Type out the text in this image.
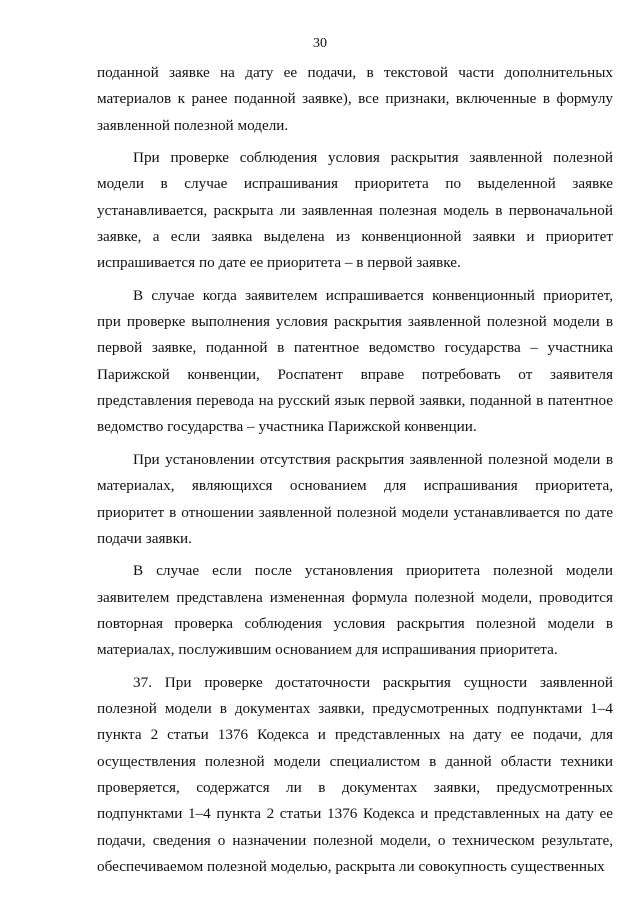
30

поданной заявке на дату ее подачи, в текстовой части дополнительных материалов к ранее поданной заявке), все признаки, включенные в формулу заявленной полезной модели.

При проверке соблюдения условия раскрытия заявленной полезной модели в случае испрашивания приоритета по выделенной заявке устанавливается, раскрыта ли заявленная полезная модель в первоначальной заявке, а если заявка выделена из конвенционной заявки и приоритет испрашивается по дате ее приоритета – в первой заявке.

В случае когда заявителем испрашивается конвенционный приоритет, при проверке выполнения условия раскрытия заявленной полезной модели в первой заявке, поданной в патентное ведомство государства – участника Парижской конвенции, Роспатент вправе потребовать от заявителя представления перевода на русский язык первой заявки, поданной в патентное ведомство государства – участника Парижской конвенции.

При установлении отсутствия раскрытия заявленной полезной модели в материалах, являющихся основанием для испрашивания приоритета, приоритет в отношении заявленной полезной модели устанавливается по дате подачи заявки.

В случае если после установления приоритета полезной модели заявителем представлена измененная формула полезной модели, проводится повторная проверка соблюдения условия раскрытия полезной модели в материалах, послужившим основанием для испрашивания приоритета.

37. При проверке достаточности раскрытия сущности заявленной полезной модели в документах заявки, предусмотренных подпунктами 1–4 пункта 2 статьи 1376 Кодекса и представленных на дату ее подачи, для осуществления полезной модели специалистом в данной области техники проверяется, содержатся ли в документах заявки, предусмотренных подпунктами 1–4 пункта 2 статьи 1376 Кодекса и представленных на дату ее подачи, сведения о назначении полезной модели, о техническом результате, обеспечиваемом полезной моделью, раскрыта ли совокупность существенных
